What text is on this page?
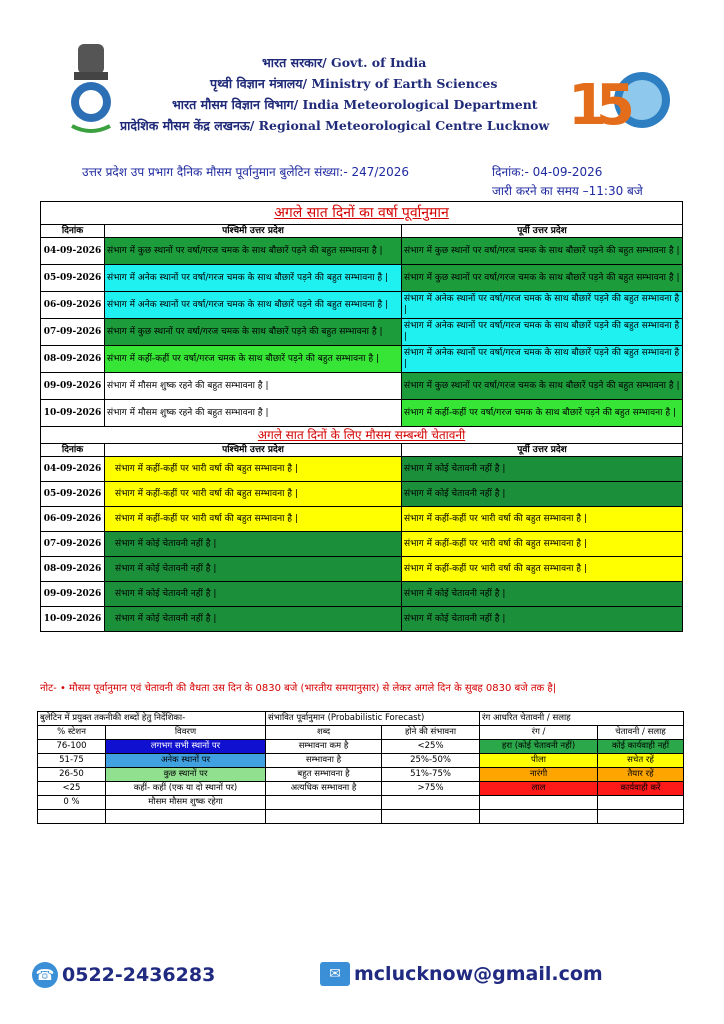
भारत सरकार/ Govt. of India
पृथ्वी विज्ञान मंत्रालय/ Ministry of Earth Sciences
भारत मौसम विज्ञान विभाग/ India Meteorological Department
प्रादेशिक मौसम केंद्र लखनऊ/ Regional Meteorological Centre Lucknow 1
5
उत्तर प्रदेश उप प्रभाग दैनिक मौसम पूर्वानुमान बुलेटिन संख्या:- 247/2026	दिनांक:- 04-09-2026
जारी करने का समय –11:30 बजे
अगले सात दिनों का वर्षा पूर्वानुमान		
दिनांक	पश्चिमी उत्तर प्रदेश	पूर्वी उत्तर प्रदेश
04-09-2026	संभाग में कुछ स्थानों पर वर्षा/गरज चमक के साथ बौछारें पड़ने की बहुत सम्भावना है |	संभाग में कुछ स्थानों पर वर्षा/गरज चमक के साथ बौछारें पड़ने की बहुत सम्भावना है |
05-09-2026	संभाग में अनेक स्थानों पर वर्षा/गरज चमक के साथ बौछारें पड़ने की बहुत सम्भावना है |	संभाग में कुछ स्थानों पर वर्षा/गरज चमक के साथ बौछारें पड़ने की बहुत सम्भावना है |
06-09-2026	संभाग में अनेक स्थानों पर वर्षा/गरज चमक के साथ बौछारें पड़ने की बहुत सम्भावना है |	संभाग में अनेक स्थानों पर वर्षा/गरज चमक के साथ बौछारें पड़ने की बहुत सम्भावना है |
07-09-2026	संभाग में कुछ स्थानों पर वर्षा/गरज चमक के साथ बौछारें पड़ने की बहुत सम्भावना है |	संभाग में अनेक स्थानों पर वर्षा/गरज चमक के साथ बौछारें पड़ने की बहुत सम्भावना है |
08-09-2026	संभाग में कहीं-कहीं पर वर्षा/गरज चमक के साथ बौछारें पड़ने की बहुत सम्भावना है |	संभाग में अनेक स्थानों पर वर्षा/गरज चमक के साथ बौछारें पड़ने की बहुत सम्भावना है |
09-09-2026	संभाग में मौसम शुष्क रहने की बहुत सम्भावना है |	संभाग में कुछ स्थानों पर वर्षा/गरज चमक के साथ बौछारें पड़ने की बहुत सम्भावना है |
10-09-2026	संभाग में मौसम शुष्क रहने की बहुत सम्भावना है |	संभाग में कहीं-कहीं पर वर्षा/गरज चमक के साथ बौछारें पड़ने की बहुत सम्भावना है |
अगले सात दिनों के लिए मौसम सम्बन्धी चेतावनी		
दिनांक	पश्चिमी उत्तर प्रदेश	पूर्वी उत्तर प्रदेश
04-09-2026	संभाग में कहीं-कहीं पर भारी वर्षा की बहुत सम्भावना है |	संभाग में कोई चेतावनी नहीं है |
05-09-2026	संभाग में कहीं-कहीं पर भारी वर्षा की बहुत सम्भावना है |	संभाग में कोई चेतावनी नहीं है |
06-09-2026	संभाग में कहीं-कहीं पर भारी वर्षा की बहुत सम्भावना है |	संभाग में कहीं-कहीं पर भारी वर्षा की बहुत सम्भावना है |
07-09-2026	संभाग में कोई चेतावनी नहीं है |	संभाग में कहीं-कहीं पर भारी वर्षा की बहुत सम्भावना है |
08-09-2026	संभाग में कोई चेतावनी नहीं है |	संभाग में कहीं-कहीं पर भारी वर्षा की बहुत सम्भावना है |
09-09-2026	संभाग में कोई चेतावनी नहीं है |	संभाग में कोई चेतावनी नहीं है |
10-09-2026	संभाग में कोई चेतावनी नहीं है |	संभाग में कोई चेतावनी नहीं है |
नोट- • मौसम पूर्वानुमान एवं चेतावनी की वैधता उस दिन के 0830 बजे (भारतीय समयानुसार) से लेकर अगले दिन के सुबह 0830 बजे तक है|
बुलेटिन में प्रयुक्त तकनीकी शब्दों हेतु निर्देशिका-		संभावित पूर्वानुमान (Probabilistic Forecast)		रंग आधरित चेतावनी / सलाह	
% स्टेशन	विवरण	शब्द	होने की संभावना	रंग /	चेतावनी / सलाह
76-100	लगभग सभी स्थानों पर	सम्भावना कम है	<25%	हरा (कोई चेतावनी नहीं)	कोई कार्यवाही नहीं
51-75	अनेक स्थानों पर	सम्भावना है	25%-50%	पीला	सचेत रहें
26-50	कुछ स्थानों पर	बहुत सम्भावना है	51%-75%	नारंगी	तैयार रहें
<25	कहीं- कहीं (एक या दो स्थानों पर)	अत्यधिक सम्भावना है	>75%	लाल	कार्यवाही करें
0 %	मौसम मौसम शुष्क रहेगा				

☎ 0522-2436283	✉ mclucknow@gmail.com
